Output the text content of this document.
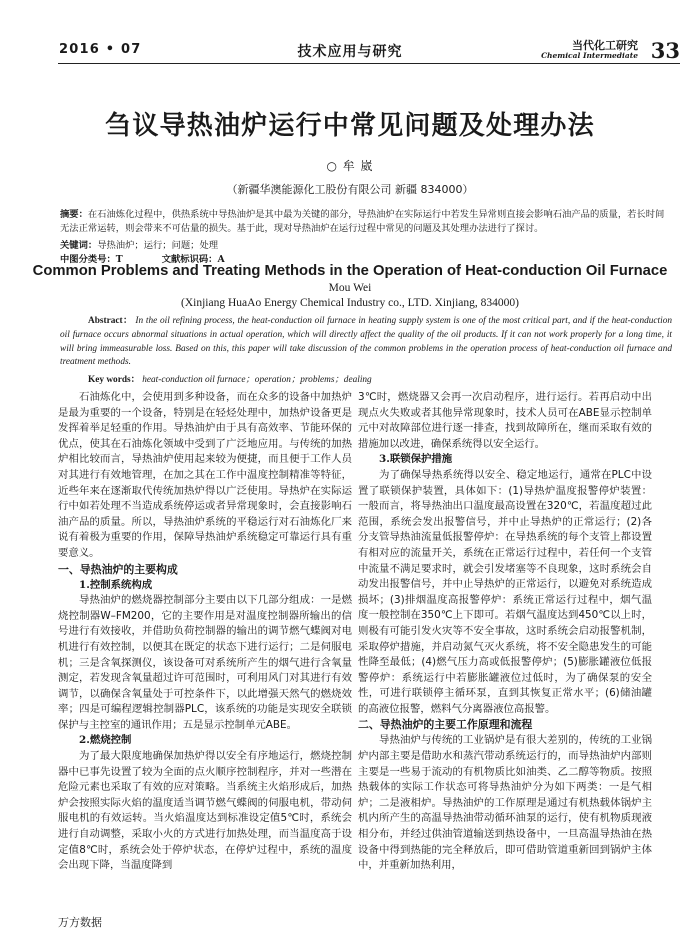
2016 • 07	技术应用与研究	当代化工研究
Chemical Intermediate 33
刍议导热油炉运行中常见问题及处理办法
○ 牟 崴
（新疆华澳能源化工股份有限公司 新疆 834000）
摘要：在石油炼化过程中，供热系统中导热油炉是其中最为关键的部分，导热油炉在实际运行中若发生异常则直接会影响石油产品的质量，若长时间无法正常运转，则会带来不可估量的损失。基于此，现对导热油炉在运行过程中常见的问题及其处理办法进行了探讨。
关键词：导热油炉；运行；问题；处理
中图分类号：T	文献标识码：A
Common Problems and Treating Methods in the Operation of Heat-conduction Oil Furnace
Mou Wei
(Xinjiang HuaAo Energy Chemical Industry co., LTD. Xinjiang, 834000)
Abstract： In the oil refining process, the heat-conduction oil furnace in heating supply system is one of the most critical part, and if the heat-conduction oil furnace occurs abnormal situations in actual operation, which will directly affect the quality of the oil products. If it can not work properly for a long time, it will bring immeasurable loss. Based on this, this paper will take discussion of the common problems in the operation process of heat-conduction oil furnace and treatment methods.
Key words： heat-conduction oil furnace；operation；problems；dealing

石油炼化中，会使用到多种设备，而在众多的设备中加热炉是最为重要的一个设备，特别是在轻烃处理中，加热炉设备更是发挥着举足轻重的作用。导热油炉由于具有高效率、节能环保的优点，使其在石油炼化领域中受到了广泛地应用。与传统的加热炉相比较而言，导热油炉使用起来较为便捷，而且便于工作人员对其进行有效地管理，在加之其在工作中温度控制精准等特征，近些年来在逐渐取代传统加热炉得以广泛使用。导热炉在实际运行中如若处理不当造成系统停运或者异常现象时，会直接影响石油产品的质量。所以，导热油炉系统的平稳运行对石油炼化厂来说有着极为重要的作用，保障导热油炉系统稳定可靠运行具有重要意义。

一、导热油炉的主要构成
1.控制系统构成

导热油炉的燃烧器控制部分主要由以下几部分组成：一是燃烧控制器W–FM200，它的主要作用是对温度控制器所输出的信号进行有效接收，并借助负荷控制器的输出的调节燃气蝶阀对电机进行有效控制，以便其在既定的状态下进行运行；二是伺服电机；三是含氧探测仪，该设备可对系统所产生的烟气进行含氧量测定，若发现含氧量超过许可范围时，可利用风门对其进行有效调节，以确保含氧量处于可控条件下，以此增强天然气的燃烧效率；四是可编程逻辑控制器PLC，该系统的功能是实现安全联锁保护与主控室的通讯作用；五是显示控制单元ABE。

2.燃烧控制

为了最大限度地确保加热炉得以安全有序地运行，燃烧控制器中已事先设置了较为全面的点火顺序控制程序，并对一些潜在危险元素也采取了有效的应对策略。当系统主火焰形成后，加热炉会按照实际火焰的温度适当调节燃气蝶阀的伺服电机，带动伺服电机的有效运转。当火焰温度达到标准设定值5℃时，系统会进行自动调整，采取小火的方式进行加热处理，而当温度高于设定值8℃时，系统会处于停炉状态，在停炉过程中，系统的温度会出现下降，当温度降到

3℃时，燃烧器又会再一次启动程序，进行运行。若再启动中出现点火失败或者其他异常现象时，技术人员可在ABE显示控制单元中对故障部位进行逐一排查，找到故障所在，继而采取有效的措施加以改进，确保系统得以安全运行。

3.联锁保护措施

为了确保导热系统得以安全、稳定地运行，通常在PLC中设置了联锁保护装置，具体如下：(1)导热炉温度报警停炉装置：一般而言，将导热油出口温度最高设置在320℃，若温度超过此范围，系统会发出报警信号，并中止导热炉的正常运行；(2)各分支管导热油流量低报警停炉：在导热系统的每个支管上都设置有相对应的流量开关，系统在正常运行过程中，若任何一个支管中流量不满足要求时，就会引发堵塞等不良现象，这时系统会自动发出报警信号，并中止导热炉的正常运行，以避免对系统造成损坏；(3)排烟温度高报警停炉：系统正常运行过程中，烟气温度一般控制在350℃上下即可。若烟气温度达到450℃以上时，则极有可能引发火灾等不安全事故，这时系统会启动报警机制，采取停炉措施，并启动氮气灭火系统，将不安全隐患发生的可能性降至最低；(4)燃气压力高或低报警停炉；(5)膨胀罐液位低报警停炉：系统运行中若膨胀罐液位过低时，为了确保泵的安全性，可进行联锁停主循环泵，直到其恢复正常水平；(6)储油罐的高液位报警，燃料气分离器液位高报警。

二、导热油炉的主要工作原理和流程

导热油炉与传统的工业锅炉是有很大差别的，传统的工业锅炉内部主要是借助水和蒸汽带动系统运行的，而导热油炉内部则主要是一些易于流动的有机物质比如油类、乙二醇等物质。按照热载体的实际工作状态可将导热油炉分为如下两类：一是气相炉；二是液相炉。导热油炉的工作原理是通过有机热载体锅炉主机内所产生的高温导热油带动循环油泵的运行，使有机物质现液相分布，并经过供油管道输送到热设备中，一旦高温导热油在热设备中得到热能的完全释放后，即可借助管道重新回到锅炉主体中，并重新加热利用，

万方数据
